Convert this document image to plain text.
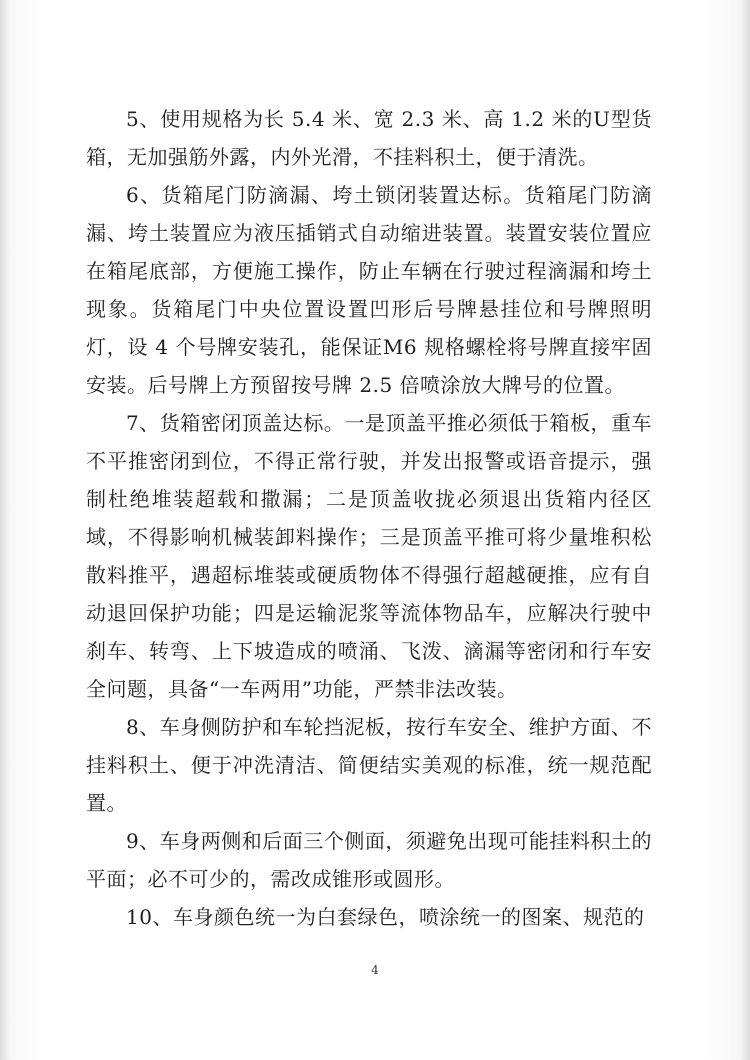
5、使用规格为长 5.4 米、宽 2.3 米、高 1.2 米的U型货箱，无加强筋外露，内外光滑，不挂料积土，便于清洗。

6、货箱尾门防滴漏、垮土锁闭装置达标。货箱尾门防滴漏、垮土装置应为液压插销式自动缩进装置。装置安装位置应在箱尾底部，方便施工操作，防止车辆在行驶过程滴漏和垮土现象。货箱尾门中央位置设置凹形后号牌悬挂位和号牌照明灯，设 4 个号牌安装孔，能保证M6 规格螺栓将号牌直接牢固安装。后号牌上方预留按号牌 2.5 倍喷涂放大牌号的位置。

7、货箱密闭顶盖达标。一是顶盖平推必须低于箱板，重车不平推密闭到位，不得正常行驶，并发出报警或语音提示，强制杜绝堆装超载和撒漏；二是顶盖收拢必须退出货箱内径区域，不得影响机械装卸料操作；三是顶盖平推可将少量堆积松散料推平，遇超标堆装或硬质物体不得强行超越硬推，应有自动退回保护功能；四是运输泥浆等流体物品车，应解决行驶中刹车、转弯、上下坡造成的喷涌、飞泼、滴漏等密闭和行车安全问题，具备“一车两用”功能，严禁非法改装。

8、车身侧防护和车轮挡泥板，按行车安全、维护方面、不挂料积土、便于冲洗清洁、简便结实美观的标准，统一规范配置。

9、车身两侧和后面三个侧面，须避免出现可能挂料积土的平面；必不可少的，需改成锥形或圆形。

10、车身颜色统一为白套绿色，喷涂统一的图案、规范的

4
